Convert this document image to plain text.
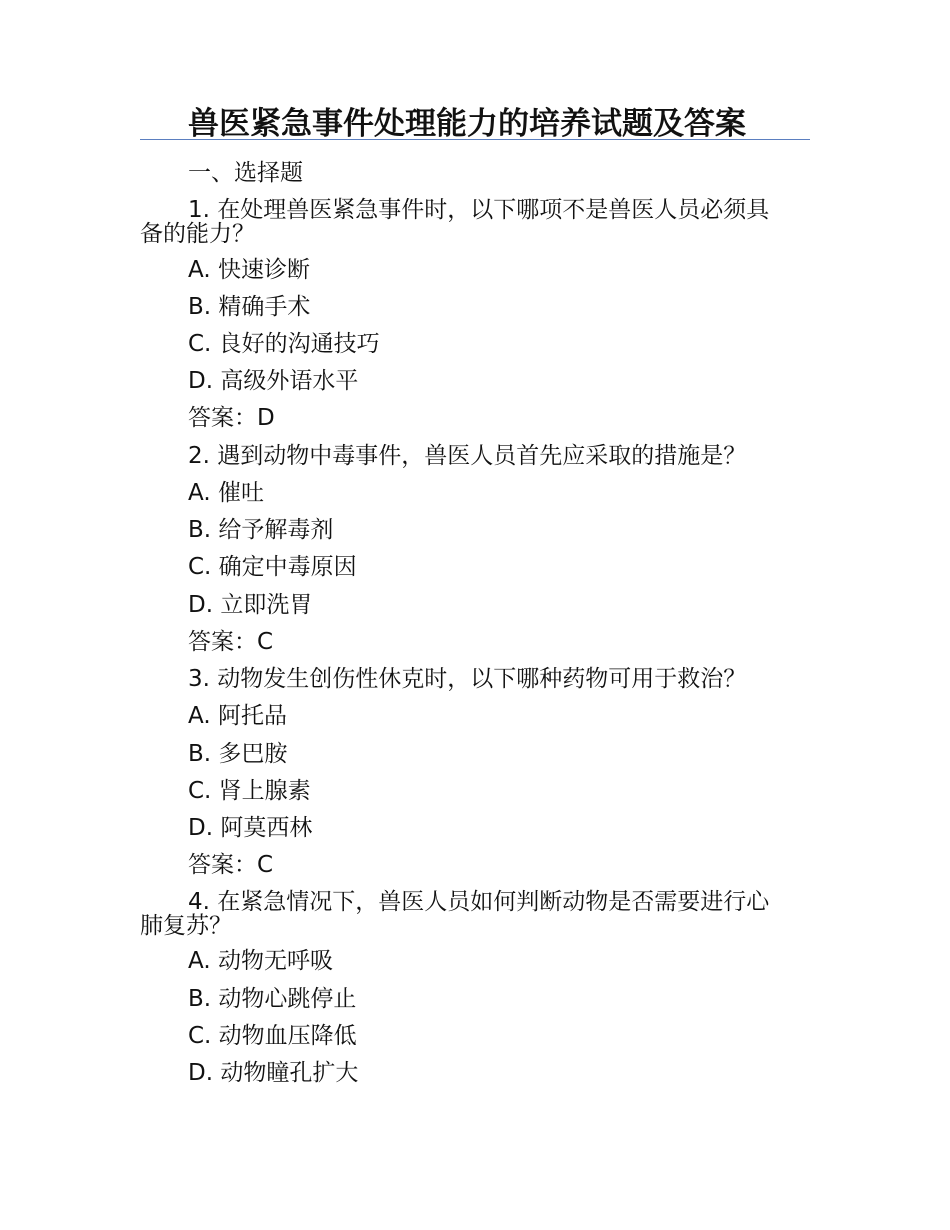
兽医紧急事件处理能力的培养试题及答案
一、选择题
1. 在处理兽医紧急事件时，以下哪项不是兽医人员必须具
备的能力？
A. 快速诊断
B. 精确手术
C. 良好的沟通技巧
D. 高级外语水平
答案：D
2. 遇到动物中毒事件，兽医人员首先应采取的措施是？
A. 催吐
B. 给予解毒剂
C. 确定中毒原因
D. 立即洗胃
答案：C
3. 动物发生创伤性休克时，以下哪种药物可用于救治？
A. 阿托品
B. 多巴胺
C. 肾上腺素
D. 阿莫西林
答案：C
4. 在紧急情况下，兽医人员如何判断动物是否需要进行心
肺复苏？
A. 动物无呼吸
B. 动物心跳停止
C. 动物血压降低
D. 动物瞳孔扩大
